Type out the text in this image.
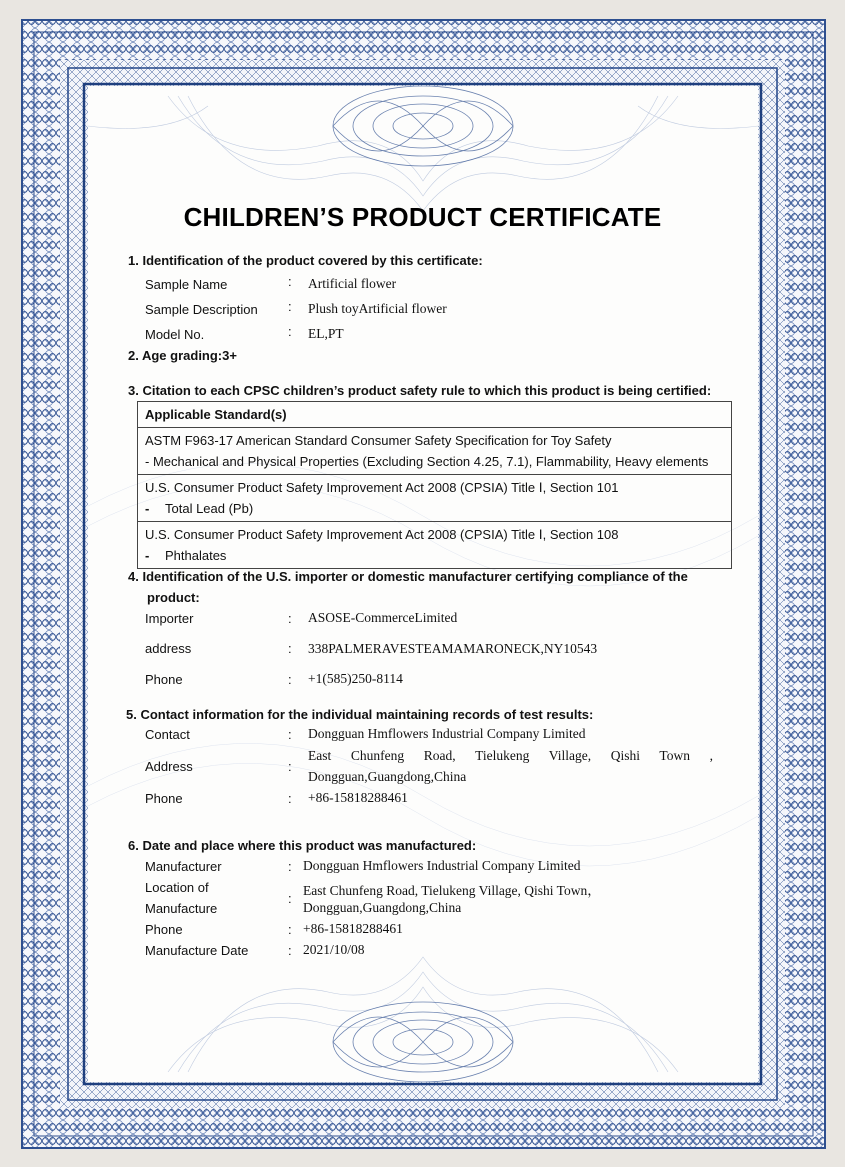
CHILDREN’S PRODUCT CERTIFICATE
1. Identification of the product covered by this certificate:
Sample Name	: Artificial flower
Sample Description : Plush toyArtificial flower
Model No.	: EL,PT
2. Age grading:3+
3. Citation to each CPSC children’s product safety rule to which this product is being certified:
Applicable Standard(s)

ASTM F963-17 American Standard Consumer Safety Specification for Toy Safety
- Mechanical and Physical Properties (Excluding Section 4.25, 7.1), Flammability, Heavy elements

U.S. Consumer Product Safety Improvement Act 2008 (CPSIA) Title Ⅰ, Section 101
- Total Lead (Pb)

U.S. Consumer Product Safety Improvement Act 2008 (CPSIA) Title Ⅰ, Section 108
- Phthalates
4. Identification of the U.S. importer or domestic manufacturer certifying compliance of the
product:
Importer	: ASOSE-CommerceLimited
address	: 338PALMERAVESTEAMAMARONECK,NY10543
Phone	: +1(585)250-8114
5. Contact information for the individual maintaining records of test results:
Contact	: Dongguan Hmflowers Industrial Company Limited
Address	:
East Chunfeng Road, Tielukeng Village, Qishi Town ,
Dongguan,Guangdong,China
Phone	: +86-15818288461
6. Date and place where this product was manufactured:
Manufacturer	: Dongguan Hmflowers Industrial Company Limited
Location of
Manufacture
:
East Chunfeng Road, Tielukeng Village, Qishi Town，
Dongguan,Guangdong,China
Phone	: +86-15818288461
Manufacture Date	: 2021/10/08
